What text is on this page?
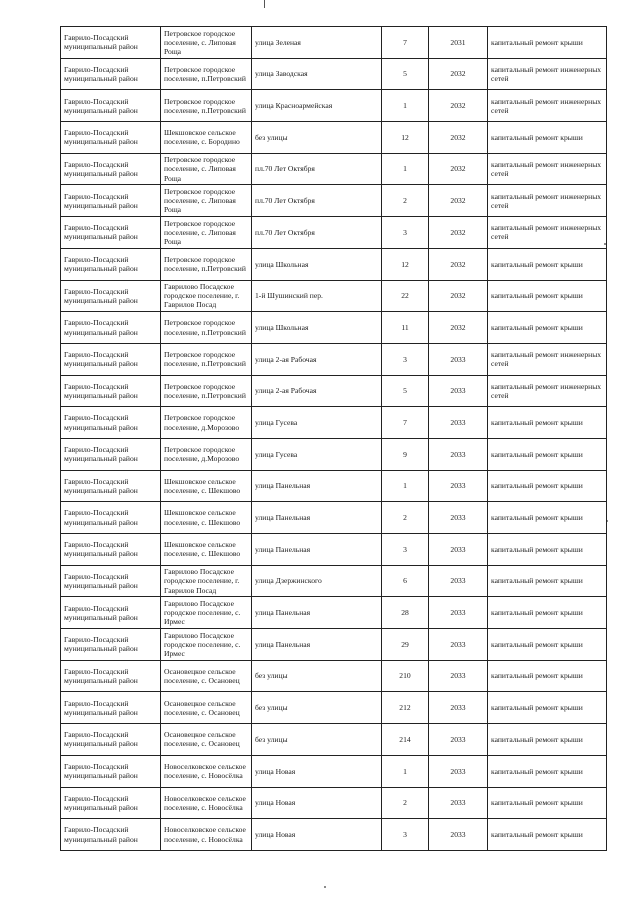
Гаврило-Посадский муниципальный район	Петровское городское поселение, с. Липовая Роща	улица Зеленая	7	2031	капитальный ремонт крыши
Гаврило-Посадский муниципальный район	Петровское городское поселение, п.Петровский	улица Заводская	5	2032	капитальный ремонт инженерных сетей
Гаврило-Посадский муниципальный район	Петровское городское поселение, п.Петровский	улица Красноармейская	1	2032	капитальный ремонт инженерных сетей
Гаврило-Посадский муниципальный район	Шекшовское сельское поселение, с. Бородино	без улицы	12	2032	капитальный ремонт крыши
Гаврило-Посадский муниципальный район	Петровское городское поселение, с. Липовая Роща	пл.70 Лет Октября	1	2032	капитальный ремонт инженерных сетей
Гаврило-Посадский муниципальный район	Петровское городское поселение, с. Липовая Роща	пл.70 Лет Октября	2	2032	капитальный ремонт инженерных сетей
Гаврило-Посадский муниципальный район	Петровское городское поселение, с. Липовая Роща	пл.70 Лет Октября	3	2032	капитальный ремонт инженерных сетей
Гаврило-Посадский муниципальный район	Петровское городское поселение, п.Петровский	улица Школьная	12	2032	капитальный ремонт крыши
Гаврило-Посадский муниципальный район	Гаврилово Посадское городское поселение, г. Гаврилов Посад	1-й Шушинский пер.	22	2032	капитальный ремонт крыши
Гаврило-Посадский муниципальный район	Петровское городское поселение, п.Петровский	улица Школьная	11	2032	капитальный ремонт крыши
Гаврило-Посадский муниципальный район	Петровское городское поселение, п.Петровский	улица 2-ая Рабочая	3	2033	капитальный ремонт инженерных сетей
Гаврило-Посадский муниципальный район	Петровское городское поселение, п.Петровский	улица 2-ая Рабочая	5	2033	капитальный ремонт инженерных сетей
Гаврило-Посадский муниципальный район	Петровское городское поселение, д.Морозово	улица Гусева	7	2033	капитальный ремонт крыши
Гаврило-Посадский муниципальный район	Петровское городское поселение, д.Морозово	улица Гусева	9	2033	капитальный ремонт крыши
Гаврило-Посадский муниципальный район	Шекшовское сельское поселение, с. Шекшово	улица Панельная	1	2033	капитальный ремонт крыши
Гаврило-Посадский муниципальный район	Шекшовское сельское поселение, с. Шекшово	улица Панельная	2	2033	капитальный ремонт крыши
Гаврило-Посадский муниципальный район	Шекшовское сельское поселение, с. Шекшово	улица Панельная	3	2033	капитальный ремонт крыши
Гаврило-Посадский муниципальный район	Гаврилово Посадское городское поселение, г. Гаврилов Посад	улица Дзержинского	6	2033	капитальный ремонт крыши
Гаврило-Посадский муниципальный район	Гаврилово Посадское городское поселение, с. Ирмес	улица Панельная	28	2033	капитальный ремонт крыши
Гаврило-Посадский муниципальный район	Гаврилово Посадское городское поселение, с. Ирмес	улица Панельная	29	2033	капитальный ремонт крыши
Гаврило-Посадский муниципальный район	Осановецкое сельское поселение, с. Осановец	без улицы	210	2033	капитальный ремонт крыши
Гаврило-Посадский муниципальный район	Осановецкое сельское поселение, с. Осановец	без улицы	212	2033	капитальный ремонт крыши
Гаврило-Посадский муниципальный район	Осановецкое сельское поселение, с. Осановец	без улицы	214	2033	капитальный ремонт крыши
Гаврило-Посадский муниципальный район	Новоселковское сельское поселение, с. Новосёлка	улица Новая	1	2033	капитальный ремонт крыши
Гаврило-Посадский муниципальный район	Новоселковское сельское поселение, с. Новосёлка	улица Новая	2	2033	капитальный ремонт крыши
Гаврило-Посадский муниципальный район	Новоселковское сельское поселение, с. Новосёлка	улица Новая	3	2033	капитальный ремонт крыши
